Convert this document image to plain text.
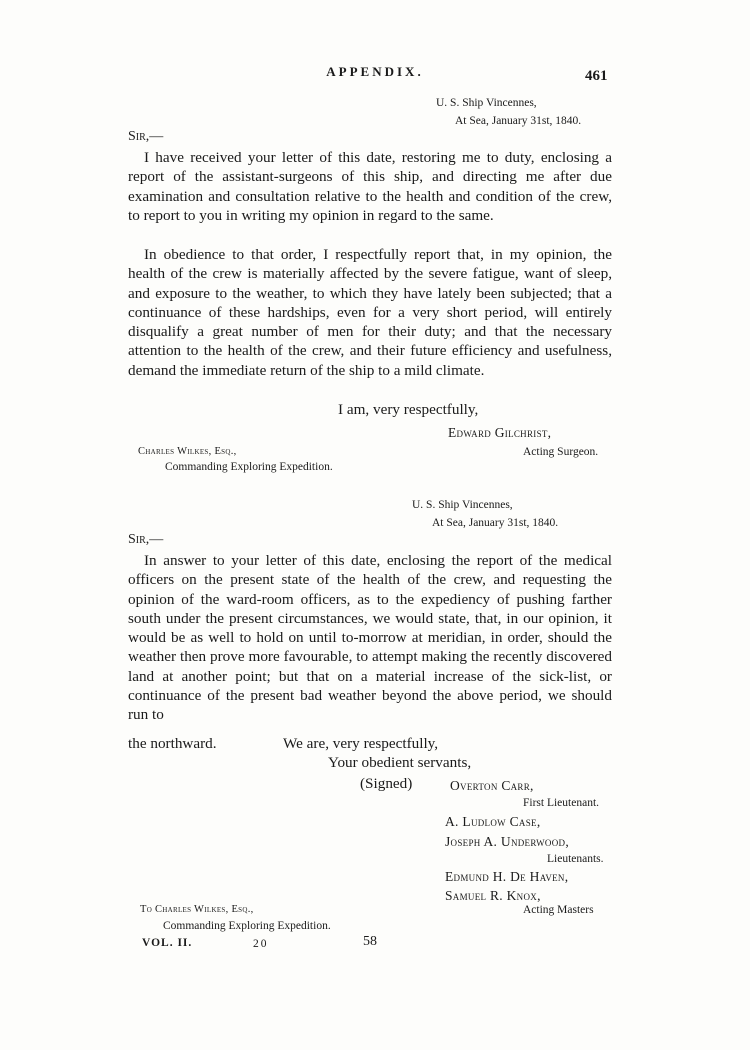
APPENDIX.	461
U. S. Ship Vincennes,
At Sea, January 31st, 1840.
Sir,—

I have received your letter of this date, restoring me to duty, enclosing a report of the assistant-surgeons of this ship, and directing me after due examination and consultation relative to the health and condition of the crew, to report to you in writing my opinion in regard to the same.

In obedience to that order, I respectfully report that, in my opinion, the health of the crew is materially affected by the severe fatigue, want of sleep, and exposure to the weather, to which they have lately been subjected; that a continuance of these hardships, even for a very short period, will entirely disqualify a great number of men for their duty; and that the necessary attention to the health of the crew, and their future efficiency and usefulness, demand the immediate return of the ship to a mild climate.

I am, very respectfully,
Edward Gilchrist,
Acting Surgeon.
Charles Wilkes, Esq.,
Commanding Exploring Expedition.
U. S. Ship Vincennes,
At Sea, January 31st, 1840.
Sir,—

In answer to your letter of this date, enclosing the report of the medical officers on the present state of the health of the crew, and requesting the opinion of the ward-room officers, as to the expediency of pushing farther south under the present circumstances, we would state, that, in our opinion, it would be as well to hold on until to-morrow at meridian, in order, should the weather then prove more favourable, to attempt making the recently discovered land at another point; but that on a material increase of the sick-list, or continuance of the present bad weather beyond the above period, we should run to

the northward.	We are, very respectfully,
Your obedient servants,
(Signed)	Overton Carr,
First Lieutenant.
A. Ludlow Case,
Joseph A. Underwood,
Lieutenants.
Edmund H. De Haven,
Samuel R. Knox,
Acting Masters
To Charles Wilkes, Esq.,
Commanding Exploring Expedition.
VOL. II.	20	58
